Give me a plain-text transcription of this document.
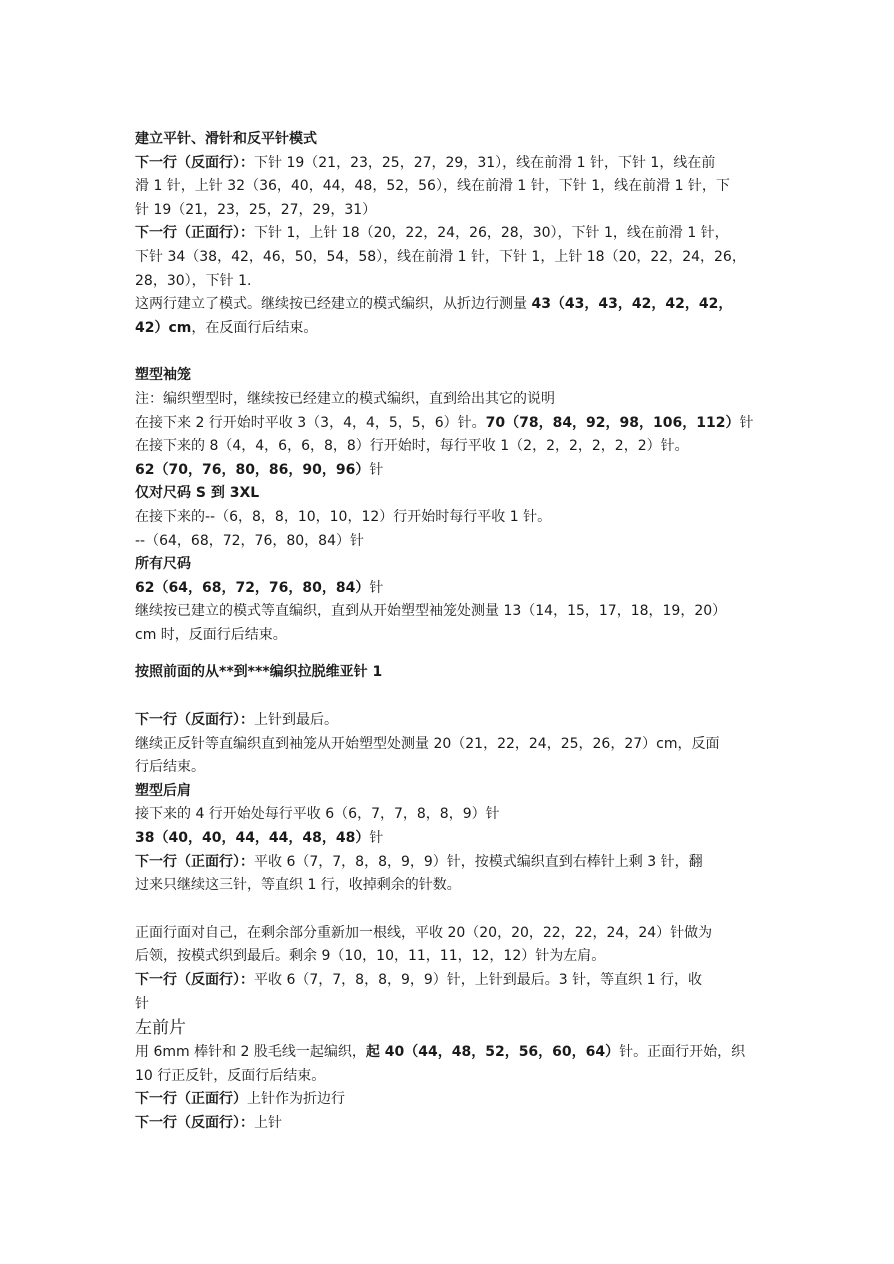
建立平针、滑针和反平针模式
下一行（反面行）：下针 19（21，23，25，27，29，31），线在前滑 1 针，下针 1，线在前
滑 1 针，上针 32（36，40，44，48，52，56），线在前滑 1 针，下针 1，线在前滑 1 针，下
针 19（21，23，25，27，29，31）
下一行（正面行）：下针 1，上针 18（20，22，24，26，28，30），下针 1，线在前滑 1 针，
下针 34（38，42，46，50，54，58），线在前滑 1 针，下针 1，上针 18（20，22，24，26，
28，30），下针 1.
这两行建立了模式。继续按已经建立的模式编织，从折边行测量 43（43，43，42，42，42，
42）cm，在反面行后结束。
塑型袖笼
注：编织塑型时，继续按已经建立的模式编织，直到给出其它的说明
在接下来 2 行开始时平收 3（3，4，4，5，5，6）针。70（78，84，92，98，106，112）针
在接下来的 8（4，4，6，6，8，8）行开始时，每行平收 1（2，2，2，2，2，2）针。
62（70，76，80，86，90，96）针
仅对尺码 S 到 3XL
在接下来的--（6，8，8，10，10，12）行开始时每行平收 1 针。
--（64，68，72，76，80，84）针
所有尺码
62（64，68，72，76，80，84）针
继续按已建立的模式等直编织，直到从开始塑型袖笼处测量 13（14，15，17，18，19，20）
cm 时，反面行后结束。
按照前面的从**到***编织拉脱维亚针 1
下一行（反面行）：上针到最后。
继续正反针等直编织直到袖笼从开始塑型处测量 20（21，22，24，25，26，27）cm，反面
行后结束。
塑型后肩
接下来的 4 行开始处每行平收 6（6，7，7，8，8，9）针
38（40，40，44，44，48，48）针
下一行（正面行）：平收 6（7，7，8，8，9，9）针，按模式编织直到右棒针上剩 3 针，翻
过来只继续这三针，等直织 1 行，收掉剩余的针数。
正面行面对自己，在剩余部分重新加一根线，平收 20（20，20，22，22，24，24）针做为
后领，按模式织到最后。剩余 9（10，10，11，11，12，12）针为左肩。
下一行（反面行）：平收 6（7，7，8，8，9，9）针，上针到最后。3 针，等直织 1 行，收
针
左前片
用 6mm 棒针和 2 股毛线一起编织，起 40（44，48，52，56，60，64）针。正面行开始，织
10 行正反针，反面行后结束。
下一行（正面行）上针作为折边行
下一行（反面行）：上针
